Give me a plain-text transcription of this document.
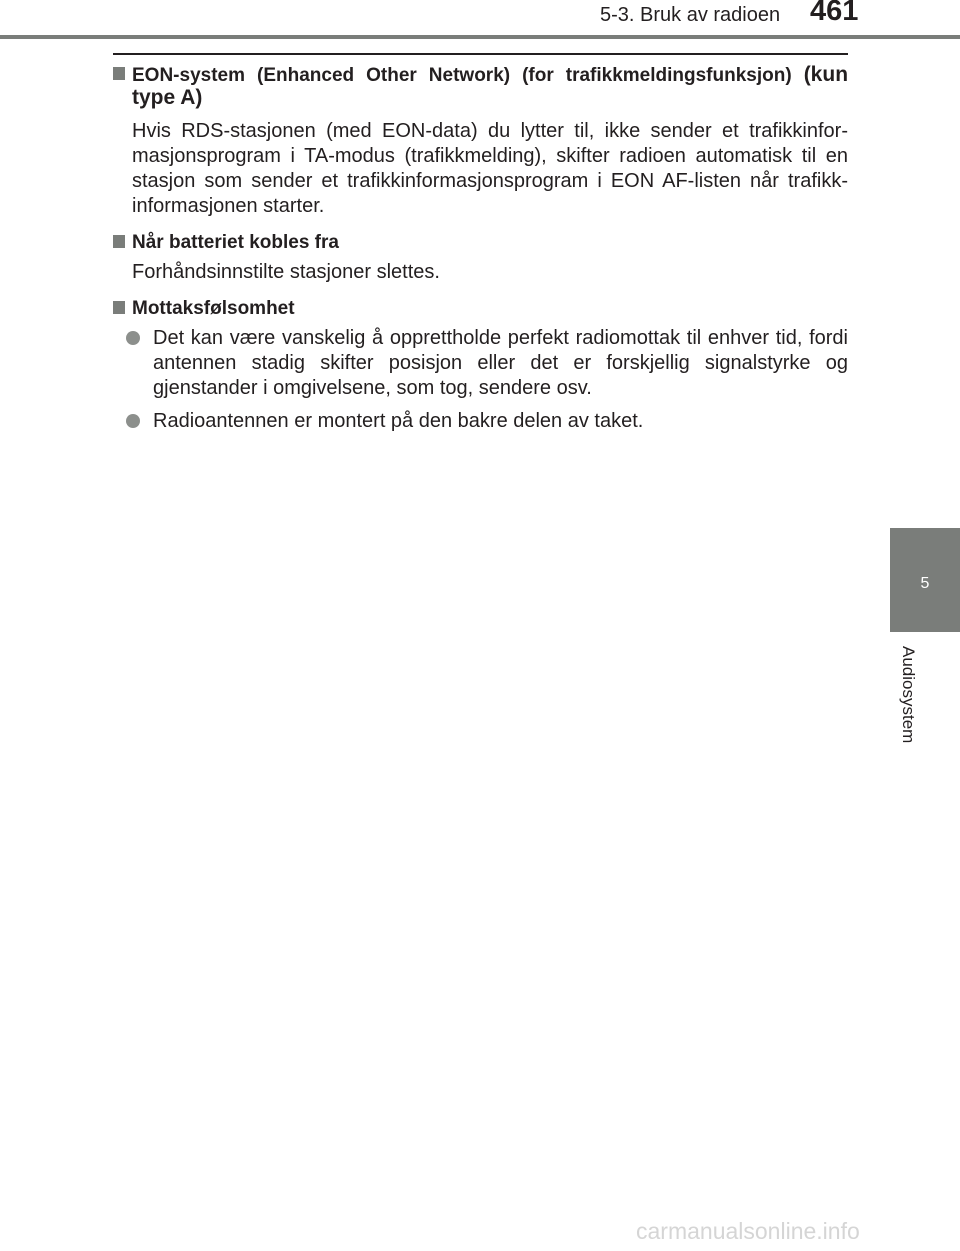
5-3. Bruk av radioen 461
5
Audiosystem
EON-system (Enhanced Other Network) (for trafikkmeldingsfunksjon) (kun type A)
Hvis RDS-stasjonen (med EON-data) du lytter til, ikke sender et trafikkinfor-masjonsprogram i TA-modus (trafikkmelding), skifter radioen automatisk til en stasjon som sender et trafikkinformasjonsprogram i EON AF-listen når trafikk-informasjonen starter.
Når batteriet kobles fra
Forhåndsinnstilte stasjoner slettes.
Mottaksfølsomhet
Det kan være vanskelig å opprettholde perfekt radiomottak til enhver tid, fordi antennen stadig skifter posisjon eller det er forskjellig signalstyrke og gjenstander i omgivelsene, som tog, sendere osv.
Radioantennen er montert på den bakre delen av taket.
carmanualsonline.info
